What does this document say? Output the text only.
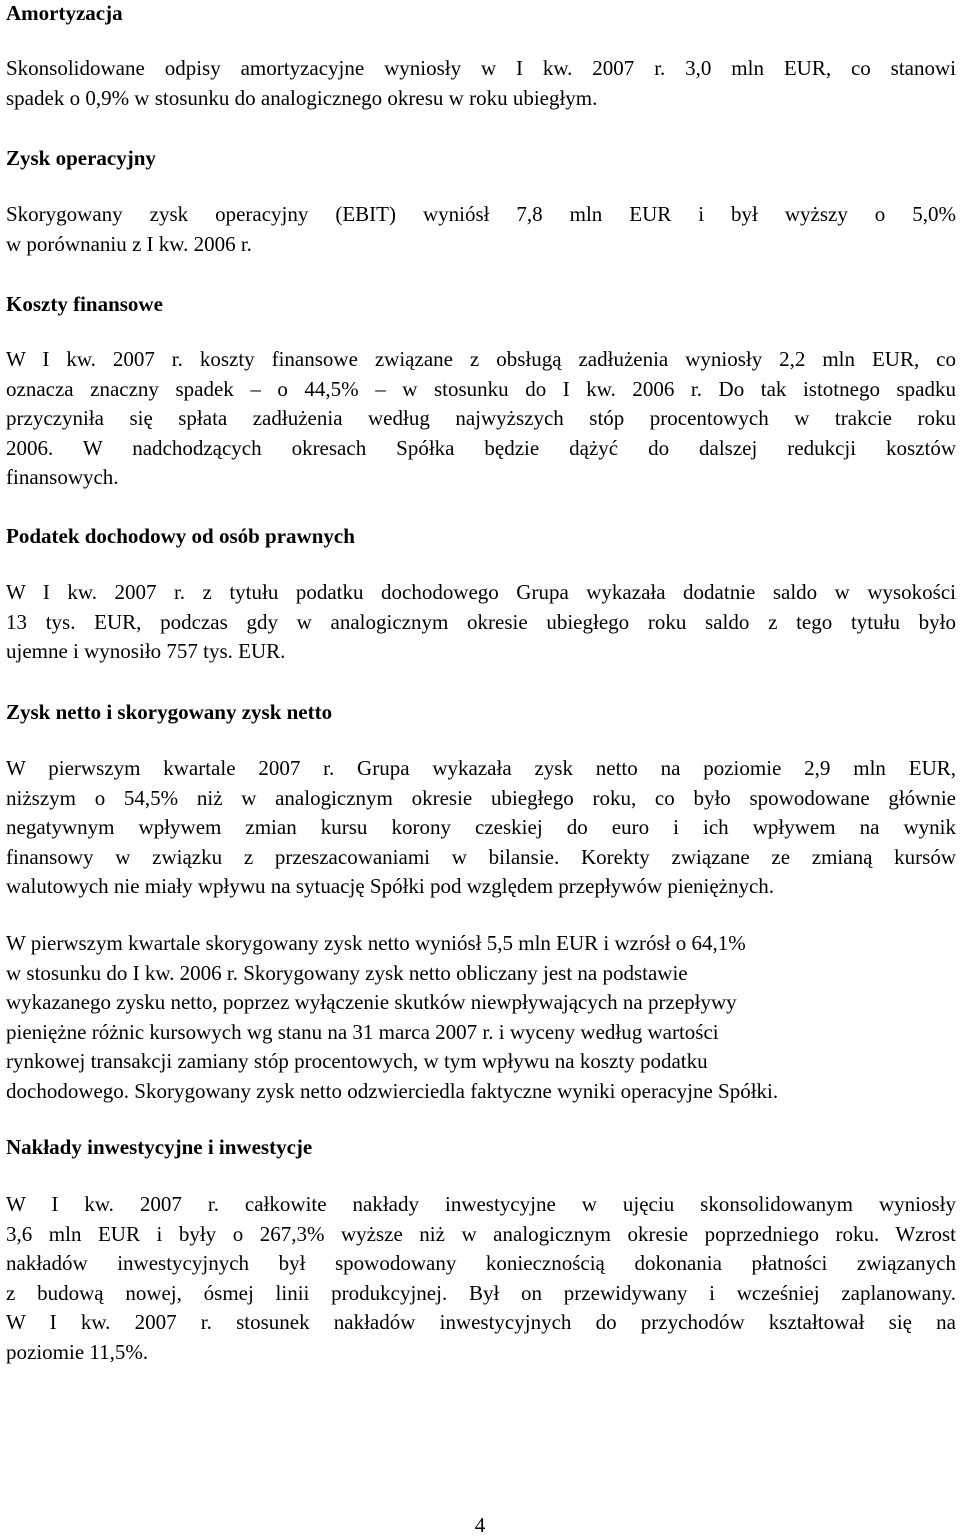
Amortyzacja

Skonsolidowane odpisy amortyzacyjne wyniosły w I kw. 2007 r. 3,0 mln EUR, co stanowi
spadek o 0,9% w stosunku do analogicznego okresu w roku ubiegłym.

Zysk operacyjny

Skorygowany zysk operacyjny (EBIT) wyniósł 7,8 mln EUR i był wyższy o 5,0%
w porównaniu z I kw. 2006 r.

Koszty finansowe

W I kw. 2007 r. koszty finansowe związane z obsługą zadłużenia wyniosły 2,2 mln EUR, co
oznacza znaczny spadek – o 44,5% – w stosunku do I kw. 2006 r. Do tak istotnego spadku
przyczyniła się spłata zadłużenia według najwyższych stóp procentowych w trakcie roku
2006. W nadchodzących okresach Spółka będzie dążyć do dalszej redukcji kosztów
finansowych.

Podatek dochodowy od osób prawnych

W I kw. 2007 r. z tytułu podatku dochodowego Grupa wykazała dodatnie saldo w wysokości
13 tys. EUR, podczas gdy w analogicznym okresie ubiegłego roku saldo z tego tytułu było
ujemne i wynosiło 757 tys. EUR.

Zysk netto i skorygowany zysk netto

W pierwszym kwartale 2007 r. Grupa wykazała zysk netto na poziomie 2,9 mln EUR,
niższym o 54,5% niż w analogicznym okresie ubiegłego roku, co było spowodowane głównie
negatywnym wpływem zmian kursu korony czeskiej do euro i ich wpływem na wynik
finansowy w związku z przeszacowaniami w bilansie. Korekty związane ze zmianą kursów
walutowych nie miały wpływu na sytuację Spółki pod względem przepływów pieniężnych.

W pierwszym kwartale skorygowany zysk netto wyniósł 5,5 mln EUR i wzrósł o 64,1%
w stosunku do I kw. 2006 r. Skorygowany zysk netto obliczany jest na podstawie
wykazanego zysku netto, poprzez wyłączenie skutków niewpływających na przepływy
pieniężne różnic kursowych wg stanu na 31 marca 2007 r. i wyceny według wartości
rynkowej transakcji zamiany stóp procentowych, w tym wpływu na koszty podatku
dochodowego. Skorygowany zysk netto odzwierciedla faktyczne wyniki operacyjne Spółki.

Nakłady inwestycyjne i inwestycje

W I kw. 2007 r. całkowite nakłady inwestycyjne w ujęciu skonsolidowanym wyniosły
3,6 mln EUR i były o 267,3% wyższe niż w analogicznym okresie poprzedniego roku. Wzrost
nakładów inwestycyjnych był spowodowany koniecznością dokonania płatności związanych
z budową nowej, ósmej linii produkcyjnej. Był on przewidywany i wcześniej zaplanowany.
W I kw. 2007 r. stosunek nakładów inwestycyjnych do przychodów kształtował się na
poziomie 11,5%.

4
